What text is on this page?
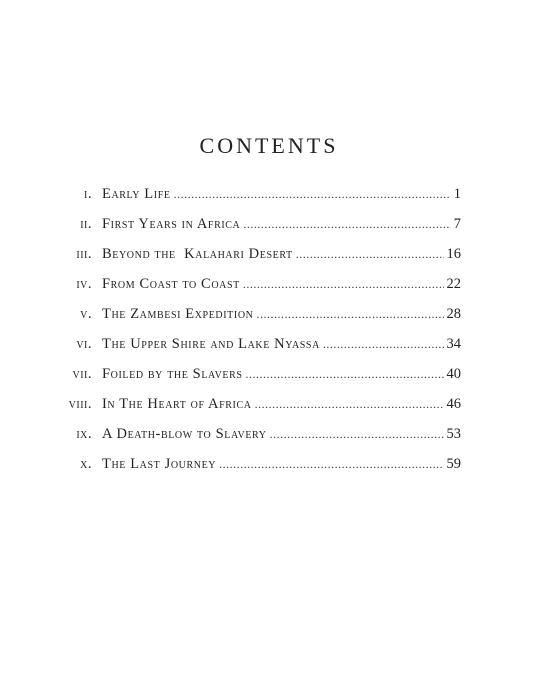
contents
i. Early Life .....	1
ii. First Years in Africa .....	7
iii. Beyond the  Kalahari Desert .....	16
iv. From Coast to Coast .....	22
v. The Zambesi Expedition .....	28
vi. The Upper Shire and Lake Nyassa .....	34
vii. Foiled by the Slavers .....	40
viii. In The Heart of Africa .....	46
ix. A Death-blow to Slavery .....	53
x. The Last Journey .....	59
